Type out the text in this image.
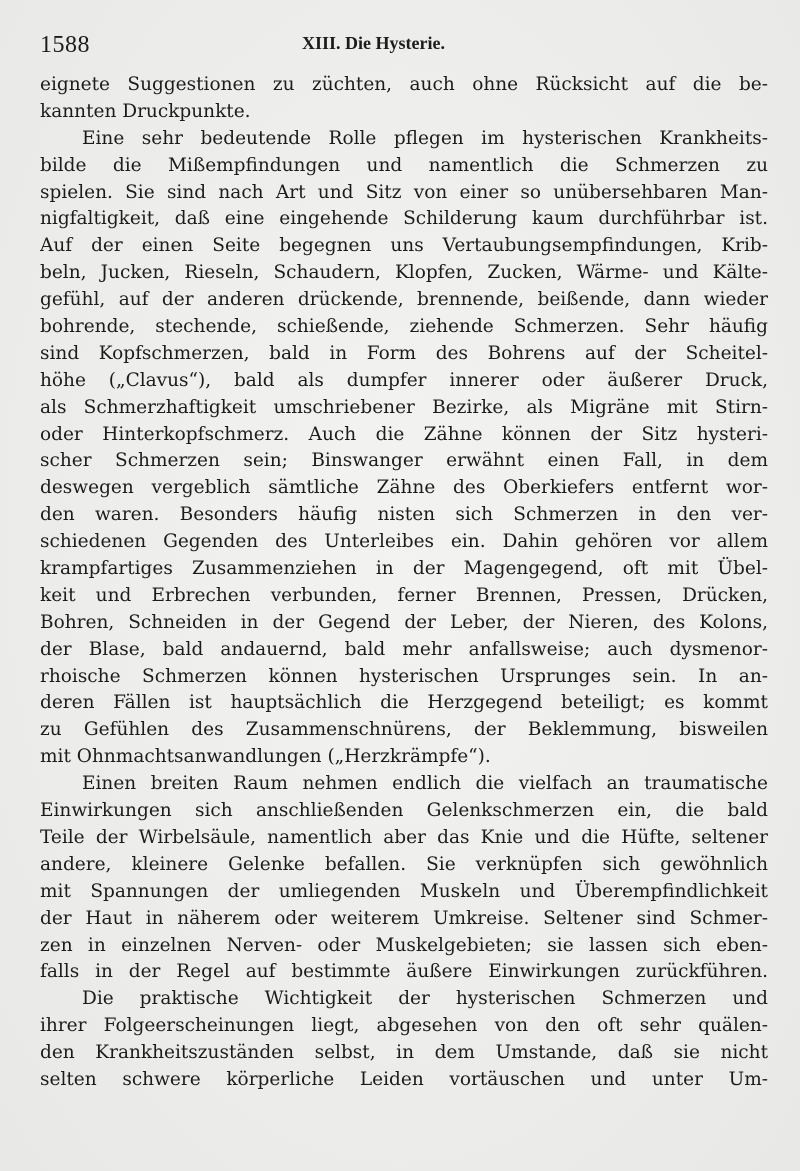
1588	XIII. Die Hysterie.
eignete Suggestionen zu züchten, auch ohne Rücksicht auf die be-
kannten Druckpunkte.
Eine sehr bedeutende Rolle pflegen im hysterischen Krankheits-
bilde die Mißempfindungen und namentlich die Schmerzen zu
spielen. Sie sind nach Art und Sitz von einer so unübersehbaren Man-
nigfaltigkeit, daß eine eingehende Schilderung kaum durchführbar ist.
Auf der einen Seite begegnen uns Vertaubungsempfindungen, Krib-
beln, Jucken, Rieseln, Schaudern, Klopfen, Zucken, Wärme- und Kälte-
gefühl, auf der anderen drückende, brennende, beißende, dann wieder
bohrende, stechende, schießende, ziehende Schmerzen. Sehr häufig
sind Kopfschmerzen, bald in Form des Bohrens auf der Scheitel-
höhe („Clavus“), bald als dumpfer innerer oder äußerer Druck,
als Schmerzhaftigkeit umschriebener Bezirke, als Migräne mit Stirn-
oder Hinterkopfschmerz. Auch die Zähne können der Sitz hysteri-
scher Schmerzen sein; Binswanger erwähnt einen Fall, in dem
deswegen vergeblich sämtliche Zähne des Oberkiefers entfernt wor-
den waren. Besonders häufig nisten sich Schmerzen in den ver-
schiedenen Gegenden des Unterleibes ein. Dahin gehören vor allem
krampfartiges Zusammenziehen in der Magengegend, oft mit Übel-
keit und Erbrechen verbunden, ferner Brennen, Pressen, Drücken,
Bohren, Schneiden in der Gegend der Leber, der Nieren, des Kolons,
der Blase, bald andauernd, bald mehr anfallsweise; auch dysmenor-
rhoische Schmerzen können hysterischen Ursprunges sein. In an-
deren Fällen ist hauptsächlich die Herzgegend beteiligt; es kommt
zu Gefühlen des Zusammenschnürens, der Beklemmung, bisweilen
mit Ohnmachtsanwandlungen („Herzkrämpfe“).
Einen breiten Raum nehmen endlich die vielfach an traumatische
Einwirkungen sich anschließenden Gelenkschmerzen ein, die bald
Teile der Wirbelsäule, namentlich aber das Knie und die Hüfte, seltener
andere, kleinere Gelenke befallen. Sie verknüpfen sich gewöhnlich
mit Spannungen der umliegenden Muskeln und Überempfindlichkeit
der Haut in näherem oder weiterem Umkreise. Seltener sind Schmer-
zen in einzelnen Nerven- oder Muskelgebieten; sie lassen sich eben-
falls in der Regel auf bestimmte äußere Einwirkungen zurückführen.
Die praktische Wichtigkeit der hysterischen Schmerzen und
ihrer Folgeerscheinungen liegt, abgesehen von den oft sehr quälen-
den Krankheitszuständen selbst, in dem Umstande, daß sie nicht
selten schwere körperliche Leiden vortäuschen und unter Um-
